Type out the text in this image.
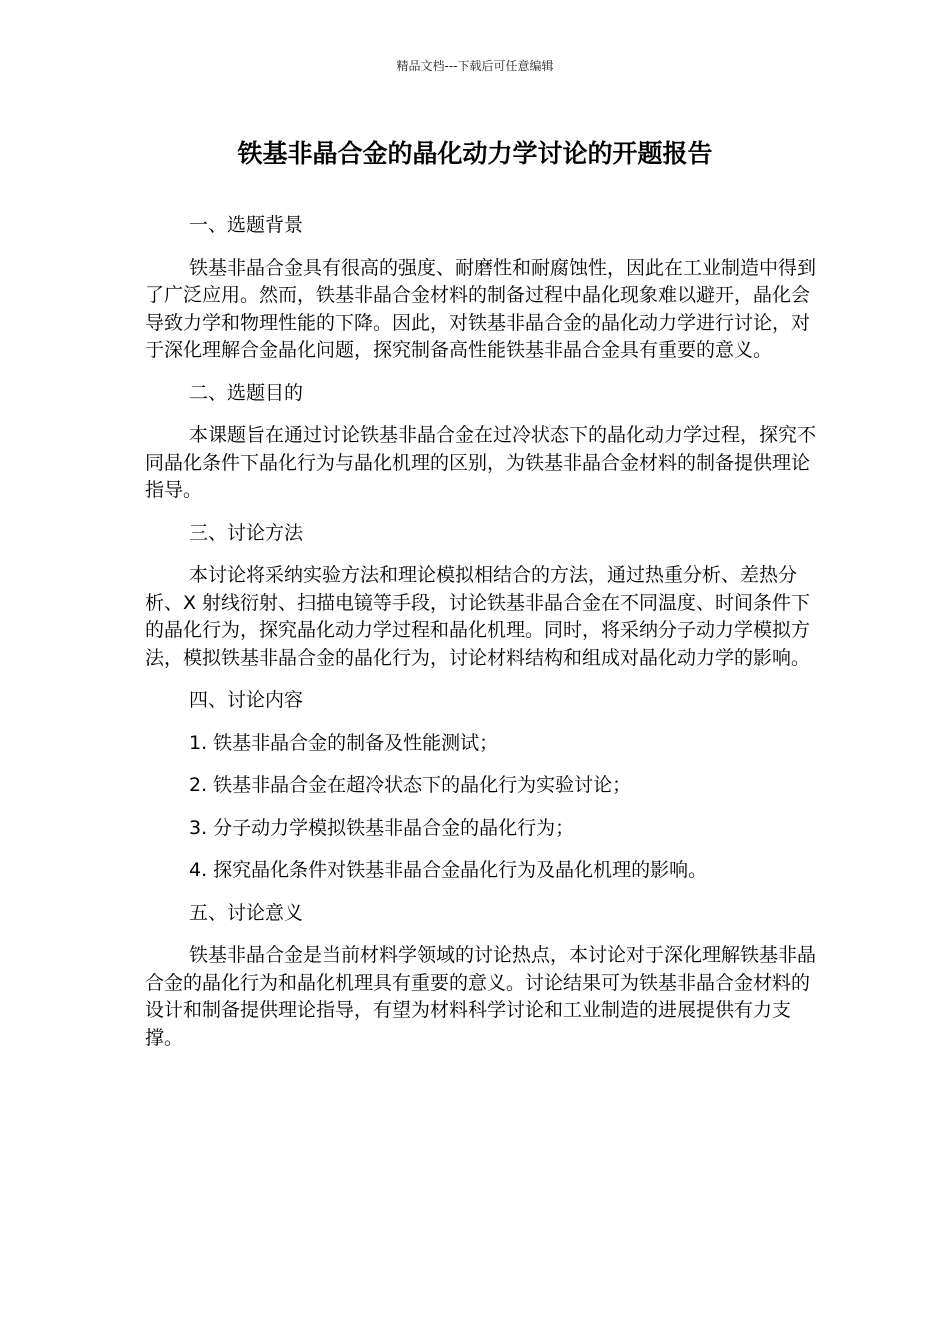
精品文档---下载后可任意编辑
铁基非晶合金的晶化动力学讨论的开题报告
一、选题背景
铁基非晶合金具有很高的强度、耐磨性和耐腐蚀性，因此在工业制造中得到了广泛应用。然而，铁基非晶合金材料的制备过程中晶化现象难以避开，晶化会导致力学和物理性能的下降。因此，对铁基非晶合金的晶化动力学进行讨论，对于深化理解合金晶化问题，探究制备高性能铁基非晶合金具有重要的意义。
二、选题目的
本课题旨在通过讨论铁基非晶合金在过冷状态下的晶化动力学过程，探究不同晶化条件下晶化行为与晶化机理的区别，为铁基非晶合金材料的制备提供理论指导。
三、讨论方法
本讨论将采纳实验方法和理论模拟相结合的方法，通过热重分析、差热分析、X 射线衍射、扫描电镜等手段，讨论铁基非晶合金在不同温度、时间条件下的晶化行为，探究晶化动力学过程和晶化机理。同时，将采纳分子动力学模拟方法，模拟铁基非晶合金的晶化行为，讨论材料结构和组成对晶化动力学的影响。
四、讨论内容
1. 铁基非晶合金的制备及性能测试；
2. 铁基非晶合金在超冷状态下的晶化行为实验讨论；
3. 分子动力学模拟铁基非晶合金的晶化行为；
4. 探究晶化条件对铁基非晶合金晶化行为及晶化机理的影响。
五、讨论意义
铁基非晶合金是当前材料学领域的讨论热点，本讨论对于深化理解铁基非晶合金的晶化行为和晶化机理具有重要的意义。讨论结果可为铁基非晶合金材料的设计和制备提供理论指导，有望为材料科学讨论和工业制造的进展提供有力支撑。
